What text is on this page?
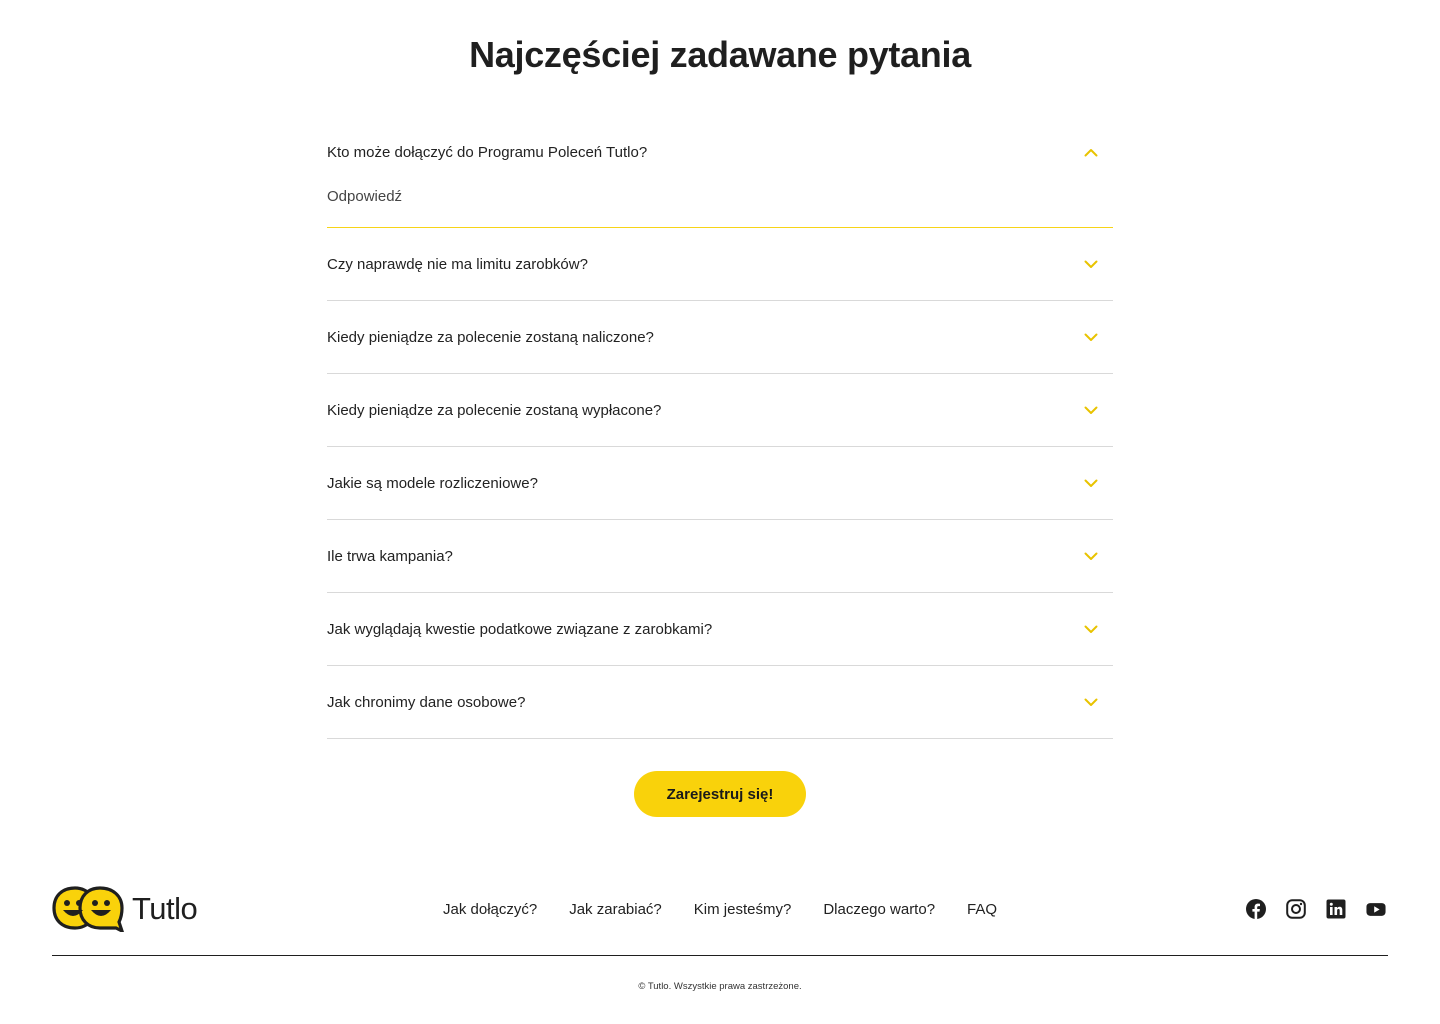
Najczęściej zadawane pytania
Kto może dołączyć do Programu Poleceń Tutlo?
Odpowiedź
Czy naprawdę nie ma limitu zarobków?
Kiedy pieniądze za polecenie zostaną naliczone?
Kiedy pieniądze za polecenie zostaną wypłacone?
Jakie są modele rozliczeniowe?
Ile trwa kampania?
Jak wyglądają kwestie podatkowe związane z zarobkami?
Jak chronimy dane osobowe?
Zarejestruj się!
Tutlo	Jak dołączyć? Jak zarabiać? Kim jesteśmy? Dlaczego warto? FAQ

© Tutlo. Wszystkie prawa zastrzeżone.
